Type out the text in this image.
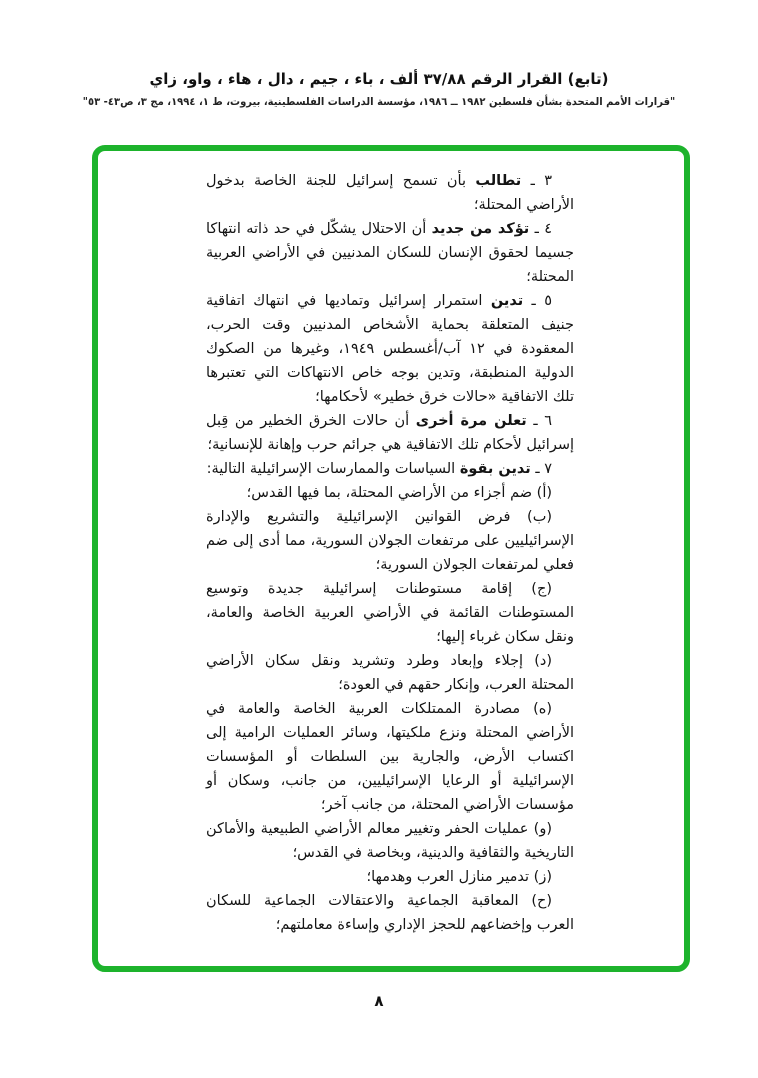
(تابع) القرار الرقم ٣٧/٨٨ ألف ، باء ، جيم ، دال ، هاء ، واو، زاي
"قرارات الأمم المتحدة بشأن فلسطين ١٩٨٢ ــ ١٩٨٦، مؤسسة الدراسات الفلسطينية، بيروت، ط ١، ١٩٩٤، مج ٣، ص٤٣- ٥٣"

٣ ـ تطالب بأن تسمح إسرائيل للجنة الخاصة بدخول الأراضي المحتلة؛

٤ ـ تؤكد من جديد أن الاحتلال يشكّل في حد ذاته انتهاكا جسيما لحقوق الإنسان للسكان المدنيين في الأراضي العربية المحتلة؛

٥ ـ تدين استمرار إسرائيل وتماديها في انتهاك اتفاقية جنيف المتعلقة بحماية الأشخاص المدنيين وقت الحرب، المعقودة في ١٢ آب/أغسطس ١٩٤٩، وغيرها من الصكوك الدولية المنطبقة، وتدين بوجه خاص الانتهاكات التي تعتبرها تلك الاتفاقية «حالات خرق خطير» لأحكامها؛

٦ ـ تعلن مرة أخرى أن حالات الخرق الخطير من قِبل إسرائيل لأحكام تلك الاتفاقية هي جرائم حرب وإهانة للإنسانية؛

٧ ـ تدين بقوة السياسات والممارسات الإسرائيلية التالية:

(أ) ضم أجزاء من الأراضي المحتلة، بما فيها القدس؛

(ب) فرض القوانين الإسرائيلية والتشريع والإدارة الإسرائيليين على مرتفعات الجولان السورية، مما أدى إلى ضم فعلي لمرتفعات الجولان السورية؛

(ج) إقامة مستوطنات إسرائيلية جديدة وتوسيع المستوطنات القائمة في الأراضي العربية الخاصة والعامة، ونقل سكان غرباء إليها؛

(د) إجلاء وإبعاد وطرد وتشريد ونقل سكان الأراضي المحتلة العرب، وإنكار حقهم في العودة؛

(ه) مصادرة الممتلكات العربية الخاصة والعامة في الأراضي المحتلة ونزع ملكيتها، وسائر العمليات الرامية إلى اكتساب الأرض، والجارية بين السلطات أو المؤسسات الإسرائيلية أو الرعايا الإسرائيليين، من جانب، وسكان أو مؤسسات الأراضي المحتلة، من جانب آخر؛

(و) عمليات الحفر وتغيير معالم الأراضي الطبيعية والأماكن التاريخية والثقافية والدينية، وبخاصة في القدس؛

(ز) تدمير منازل العرب وهدمها؛

(ح) المعاقبة الجماعية والاعتقالات الجماعية للسكان العرب وإخضاعهم للحجز الإداري وإساءة معاملتهم؛

٨
